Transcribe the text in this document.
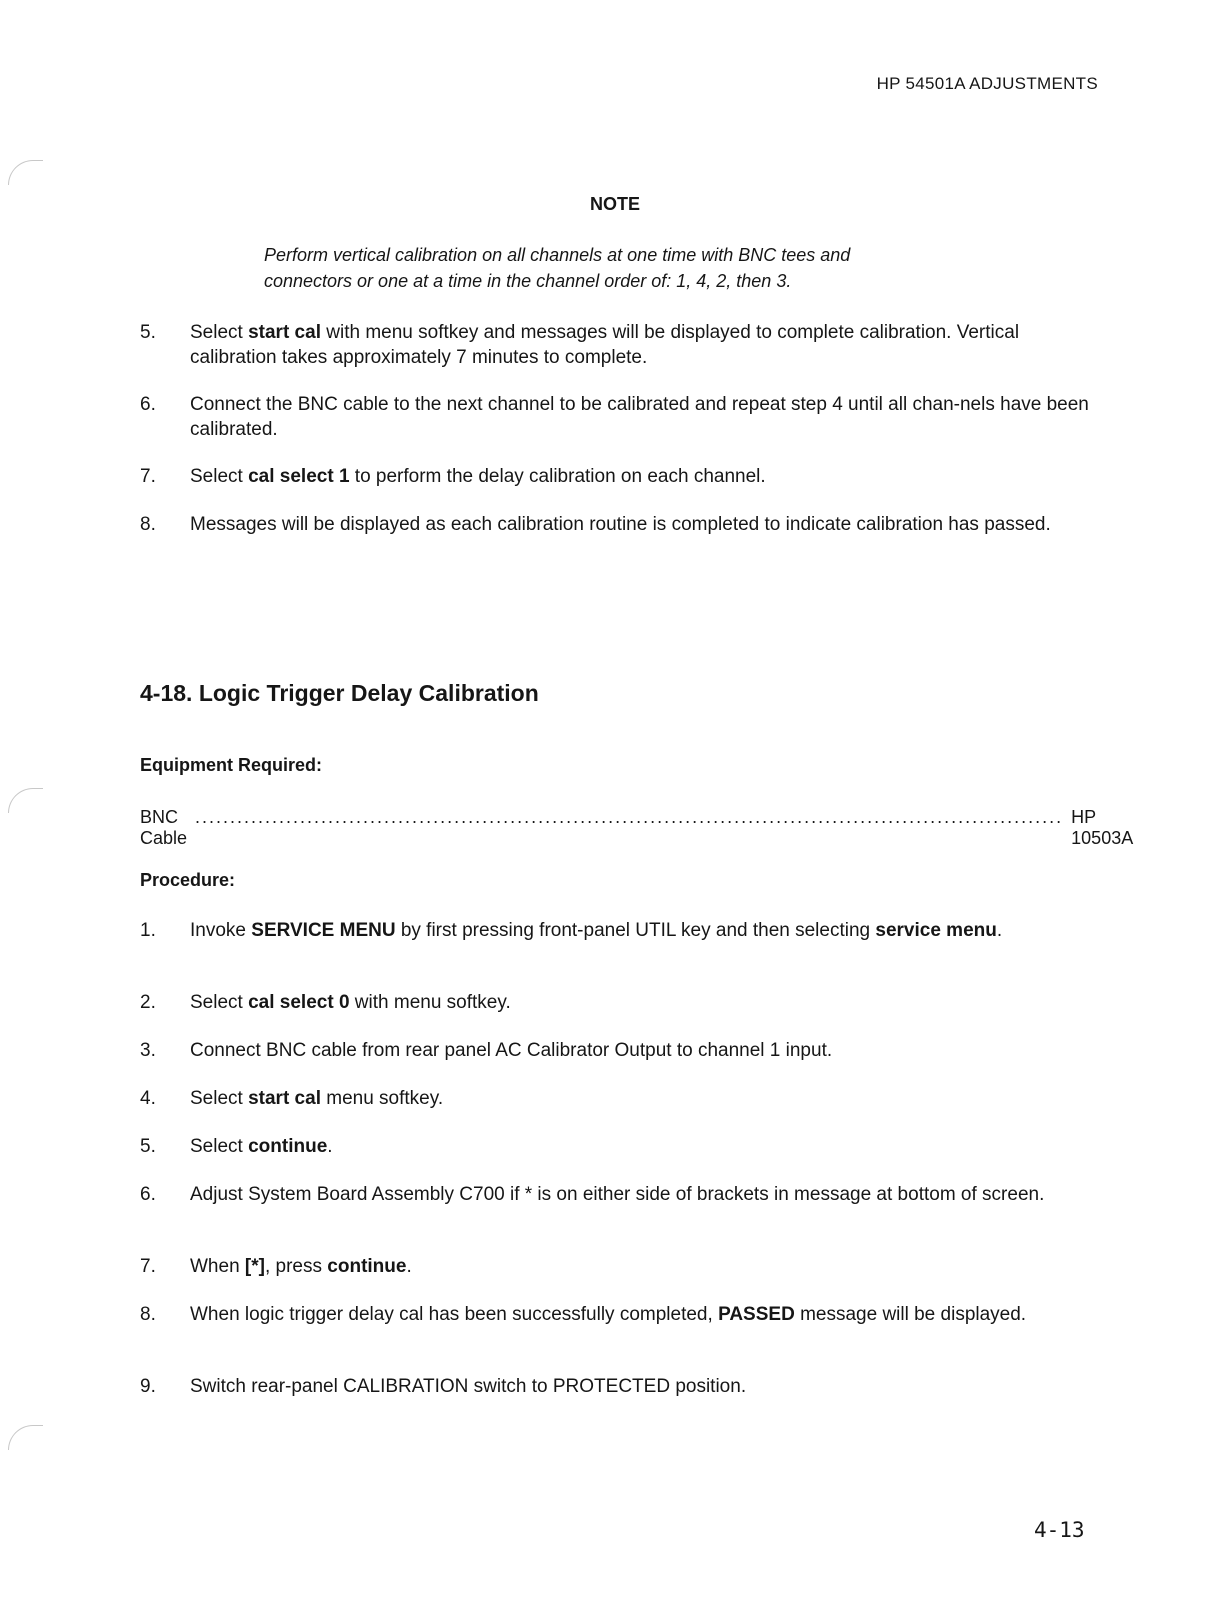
HP 54501A ADJUSTMENTS
NOTE
Perform vertical calibration on all channels at one time with BNC tees and
connectors or one at a time in the channel order of: 1, 4, 2, then 3.
5.	Select start cal with menu softkey and messages will be displayed to complete calibration. Vertical calibration takes approximately 7 minutes to complete.
6.	Connect the BNC cable to the next channel to be calibrated and repeat step 4 until all chan-nels have been calibrated.
7.	Select cal select 1 to perform the delay calibration on each channel.
8.	Messages will be displayed as each calibration routine is completed to indicate calibration has passed.
4-18. Logic Trigger Delay Calibration
Equipment Required:
BNC Cable
............................................................................................................................ HP 10503A
Procedure:
1.	Invoke SERVICE MENU by first pressing front-panel UTIL key and then selecting service menu.
2.	Select cal select 0 with menu softkey.
3.	Connect BNC cable from rear panel AC Calibrator Output to channel 1 input.
4.	Select start cal menu softkey.
5.	Select continue.
6.	Adjust System Board Assembly C700 if * is on either side of brackets in message at bottom of screen.
7.	When [*], press continue.
8.	When logic trigger delay cal has been successfully completed, PASSED message will be displayed.
9.	Switch rear-panel CALIBRATION switch to PROTECTED position.
4-13
